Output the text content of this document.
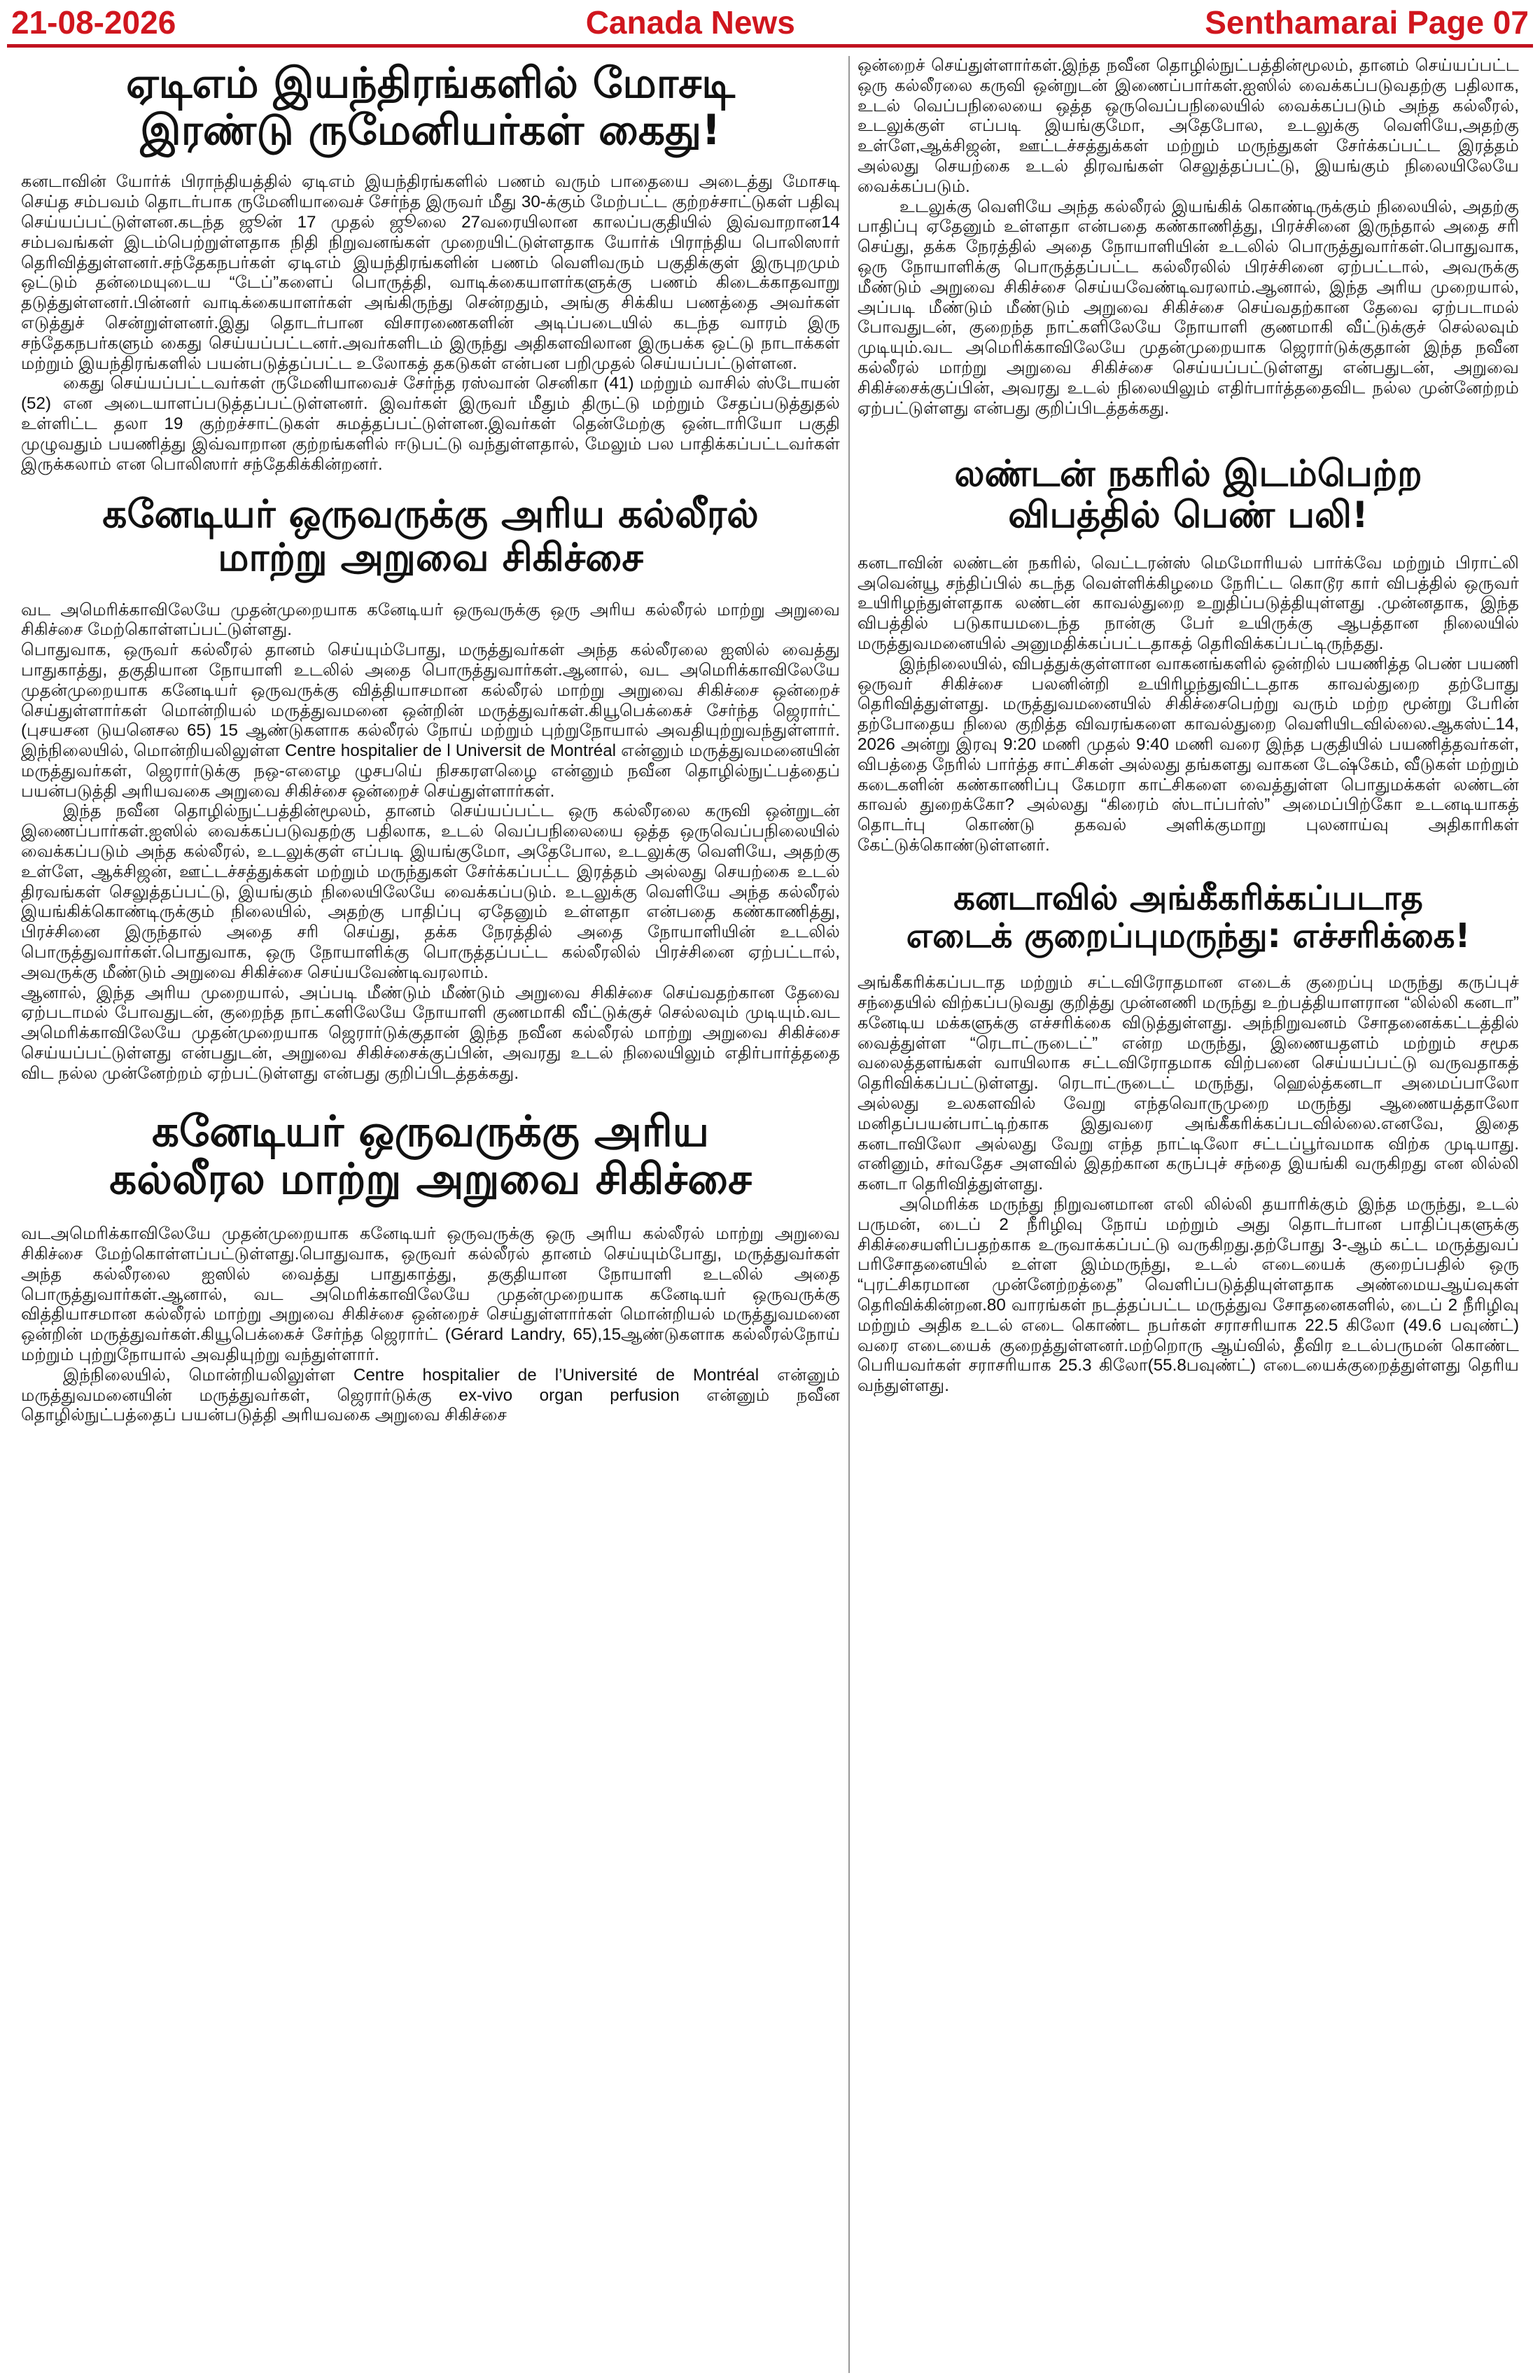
21-08-2026	Canada News	Senthamarai Page 07
ஏடிஎம் இயந்திரங்களில் மோசடி
இரண்டு ருமேனியர்கள் கைது!

கனடாவின் யோர்க் பிராந்தியத்தில் ஏடிஎம் இயந்திரங்களில் பணம் வரும் பாதையை அடைத்து மோசடி செய்த சம்பவம் தொடர்பாக ருமேனியாவைச் சேர்ந்த இருவர் மீது 30-க்கும் மேற்பட்ட குற்றச்சாட்டுகள் பதிவு செய்யப்பட்டுள்ளன.கடந்த ஜூன் 17 முதல் ஜூலை 27வரையிலான காலப்பகுதியில் இவ்வாறான14 சம்பவங்கள் இடம்பெற்றுள்ளதாக நிதி நிறுவனங்கள் முறையிட்டுள்ளதாக யோர்க் பிராந்திய பொலிஸார் தெரிவித்துள்ளனர்.சந்தேகநபர்கள் ஏடிஎம் இயந்திரங்களின் பணம் வெளிவரும் பகுதிக்குள் இருபுறமும் ஒட்டும் தன்மையுடைய “டேப்”களைப் பொருத்தி, வாடிக்கையாளர்களுக்கு பணம் கிடைக்காதவாறு தடுத்துள்ளனர்.பின்னர் வாடிக்கையாளர்கள் அங்கிருந்து சென்றதும், அங்கு சிக்கிய பணத்தை அவர்கள் எடுத்துச் சென்றுள்ளனர்.இது தொடர்பான விசாரணைகளின் அடிப்படையில் கடந்த வாரம் இரு சந்தேகநபர்களும் கைது செய்யப்பட்டனர்.அவர்களிடம் இருந்து அதிகளவிலான இருபக்க ஒட்டு நாடாக்கள் மற்றும் இயந்திரங்களில் பயன்படுத்தப்பட்ட உலோகத் தகடுகள் என்பன பறிமுதல் செய்யப்பட்டுள்ளன.

கைது செய்யப்பட்டவர்கள் ருமேனியாவைச் சேர்ந்த ரஸ்வான் செனிகா (41) மற்றும் வாசில் ஸ்டோயன் (52) என அடையாளப்படுத்தப்பட்டுள்ளனர். இவர்கள் இருவர் மீதும் திருட்டு மற்றும் சேதப்படுத்துதல் உள்ளிட்ட தலா 19 குற்றச்சாட்டுகள் சுமத்தப்பட்டுள்ளன.இவர்கள் தென்மேற்கு ஒன்டாரியோ பகுதி முழுவதும் பயணித்து இவ்வாறான குற்றங்களில் ஈடுபட்டு வந்துள்ளதால், மேலும் பல பாதிக்கப்பட்டவர்கள் இருக்கலாம் என பொலிஸார் சந்தேகிக்கின்றனர்.

கனேடியர் ஒருவருக்கு அரிய கல்லீரல்
மாற்று அறுவை சிகிச்சை

வட அமெரிக்காவிலேயே முதன்முறையாக கனேடியர் ஒருவருக்கு ஒரு அரிய கல்லீரல் மாற்று அறுவை சிகிச்சை மேற்கொள்ளப்பட்டுள்ளது.

பொதுவாக, ஒருவர் கல்லீரல் தானம் செய்யும்போது, மருத்துவர்கள் அந்த கல்லீரலை ஐஸில் வைத்து பாதுகாத்து, தகுதியான நோயாளி உடலில் அதை பொருத்துவார்கள்.ஆனால், வட அமெரிக்காவிலேயே முதன்முறையாக கனேடியர் ஒருவருக்கு வித்தியாசமான கல்லீரல் மாற்று அறுவை சிகிச்சை ஒன்றைச் செய்துள்ளார்கள் மொன்றியல் மருத்துவமனை ஒன்றின் மருத்துவர்கள்.கியூபெக்கைச் சேர்ந்த ஜெரார்ட் (புசயசன டுயனெசல 65) 15 ஆண்டுகளாக கல்லீரல் நோய் மற்றும் புற்றுநோயால் அவதியுற்றுவந்துள்ளார். இந்நிலையில், மொன்றியலிலுள்ள Centre hospitalier de l Universit de Montréal என்னும் மருத்துவமனையின் மருத்துவர்கள், ஜெரார்டுக்கு நஒ-எஎைழ ழுசபயெ் நிசகரளழைெ என்னும் நவீன தொழில்நுட்பத்தைப் பயன்படுத்தி அரியவகை அறுவை சிகிச்சை ஒன்றைச் செய்துள்ளார்கள்.

இந்த நவீன தொழில்நுட்பத்தின்மூலம், தானம் செய்யப்பட்ட ஒரு கல்லீரலை கருவி ஒன்றுடன் இணைப்பார்கள்.ஐஸில் வைக்கப்படுவதற்கு பதிலாக, உடல் வெப்பநிலையை ஒத்த ஒருவெப்பநிலையில் வைக்கப்படும் அந்த கல்லீரல், உடலுக்குள் எப்படி இயங்குமோ, அதேபோல, உடலுக்கு வெளியே, அதற்கு உள்ளே, ஆக்சிஜன், ஊட்டச்சத்துக்கள் மற்றும் மருந்துகள் சேர்க்கப்பட்ட இரத்தம் அல்லது செயற்கை உடல் திரவங்கள் செலுத்தப்பட்டு, இயங்கும் நிலையிலேயே வைக்கப்படும். உடலுக்கு வெளியே அந்த கல்லீரல் இயங்கிக்கொண்டிருக்கும் நிலையில், அதற்கு பாதிப்பு ஏதேனும் உள்ளதா என்பதை கண்காணித்து, பிரச்சினை இருந்தால் அதை சரி செய்து, தக்க நேரத்தில் அதை நோயாளியின் உடலில் பொருத்துவார்கள்.பொதுவாக, ஒரு நோயாளிக்கு பொருத்தப்பட்ட கல்லீரலில் பிரச்சினை ஏற்பட்டால், அவருக்கு மீண்டும் அறுவை சிகிச்சை செய்யவேண்டிவரலாம்.

ஆனால், இந்த அரிய முறையால், அப்படி மீண்டும் மீண்டும் அறுவை சிகிச்சை செய்வதற்கான தேவை ஏற்படாமல் போவதுடன், குறைந்த நாட்களிலேயே நோயாளி குணமாகி வீட்டுக்குச் செல்லவும் முடியும்.வட அமெரிக்காவிலேயே முதன்முறையாக ஜெரார்டுக்குதான் இந்த நவீன கல்லீரல் மாற்று அறுவை சிகிச்சை செய்யப்பட்டுள்ளது என்பதுடன், அறுவை சிகிச்சைக்குப்பின், அவரது உடல் நிலையிலும் எதிர்பார்த்ததை விட நல்ல முன்னேற்றம் ஏற்பட்டுள்ளது என்பது குறிப்பிடத்தக்கது.

கனேடியர் ஒருவருக்கு அரிய
கல்லீரல மாற்று அறுவை சிகிச்சை

வடஅமெரிக்காவிலேயே முதன்முறையாக கனேடியர் ஒருவருக்கு ஒரு அரிய கல்லீரல் மாற்று அறுவை சிகிச்சை மேற்கொள்ளப்பட்டுள்ளது.பொதுவாக, ஒருவர் கல்லீரல் தானம் செய்யும்போது, மருத்துவர்கள் அந்த கல்லீரலை ஐஸில் வைத்து பாதுகாத்து, தகுதியான நோயாளி உடலில் அதை பொருத்துவார்கள்.ஆனால், வட அமெரிக்காவிலேயே முதன்முறையாக கனேடியர் ஒருவருக்கு வித்தியாசமான கல்லீரல் மாற்று அறுவை சிகிச்சை ஒன்றைச் செய்துள்ளார்கள் மொன்றியல் மருத்துவமனை ஒன்றின் மருத்துவர்கள்.கியூபெக்கைச் சேர்ந்த ஜெரார்ட் (Gérard Landry, 65),15ஆண்டுகளாக கல்லீரல்நோய் மற்றும் புற்றுநோயால் அவதியுற்று வந்துள்ளார்.

இந்நிலையில், மொன்றியலிலுள்ள Centre hospitalier de l’Université de Montréal என்னும் மருத்துவமனையின் மருத்துவர்கள், ஜெரார்டுக்கு ex-vivo organ perfusion என்னும் நவீன தொழில்நுட்பத்தைப் பயன்படுத்தி அரியவகை அறுவை சிகிச்சை

ஒன்றைச் செய்துள்ளார்கள்.இந்த நவீன தொழில்நுட்பத்தின்மூலம், தானம் செய்யப்பட்ட ஒரு கல்லீரலை கருவி ஒன்றுடன் இணைப்பார்கள்.ஐஸில் வைக்கப்படுவதற்கு பதிலாக, உடல் வெப்பநிலையை ஒத்த ஒருவெப்பநிலையில் வைக்கப்படும் அந்த கல்லீரல், உடலுக்குள் எப்படி இயங்குமோ, அதேபோல, உடலுக்கு வெளியே,அதற்கு உள்ளே,ஆக்சிஜன், ஊட்டச்சத்துக்கள் மற்றும் மருந்துகள் சேர்க்கப்பட்ட இரத்தம் அல்லது செயற்கை உடல் திரவங்கள் செலுத்தப்பட்டு, இயங்கும் நிலையிலேயே வைக்கப்படும்.

உடலுக்கு வெளியே அந்த கல்லீரல் இயங்கிக் கொண்டிருக்கும் நிலையில், அதற்கு பாதிப்பு ஏதேனும் உள்ளதா என்பதை கண்காணித்து, பிரச்சினை இருந்தால் அதை சரி செய்து, தக்க நேரத்தில் அதை நோயாளியின் உடலில் பொருத்துவார்கள்.பொதுவாக, ஒரு நோயாளிக்கு பொருத்தப்பட்ட கல்லீரலில் பிரச்சினை ஏற்பட்டால், அவருக்கு மீண்டும் அறுவை சிகிச்சை செய்யவேண்டிவரலாம்.ஆனால், இந்த அரிய முறையால், அப்படி மீண்டும் மீண்டும் அறுவை சிகிச்சை செய்வதற்கான தேவை ஏற்படாமல் போவதுடன், குறைந்த நாட்களிலேயே நோயாளி குணமாகி வீட்டுக்குச் செல்லவும் முடியும்.வட அமெரிக்காவிலேயே முதன்முறையாக ஜெரார்டுக்குதான் இந்த நவீன கல்லீரல் மாற்று அறுவை சிகிச்சை செய்யப்பட்டுள்ளது என்பதுடன், அறுவை சிகிச்சைக்குப்பின், அவரது உடல் நிலையிலும் எதிர்பார்த்ததைவிட நல்ல முன்னேற்றம் ஏற்பட்டுள்ளது என்பது குறிப்பிடத்தக்கது.

லண்டன் நகரில் இடம்பெற்ற
விபத்தில் பெண் பலி!

கனடாவின் லண்டன் நகரில், வெட்டரன்ஸ் மெமோரியல் பார்க்வே மற்றும் பிராட்லி அவென்யூ சந்திப்பில் கடந்த வெள்ளிக்கிழமை நேரிட்ட கொடூர கார் விபத்தில் ஒருவர் உயிரிழந்துள்ளதாக லண்டன் காவல்துறை உறுதிப்படுத்தியுள்ளது .முன்னதாக, இந்த விபத்தில் படுகாயமடைந்த நான்கு பேர் உயிருக்கு ஆபத்தான நிலையில் மருத்துவமனையில் அனுமதிக்கப்பட்டதாகத் தெரிவிக்கப்பட்டிருந்தது.

இந்நிலையில், விபத்துக்குள்ளான வாகனங்களில் ஒன்றில் பயணித்த பெண் பயணி ஒருவர் சிகிச்சை பலனின்றி உயிரிழந்துவிட்டதாக காவல்துறை தற்போது தெரிவித்துள்ளது. மருத்துவமனையில் சிகிச்சைபெற்று வரும் மற்ற மூன்று பேரின் தற்போதைய நிலை குறித்த விவரங்களை காவல்துறை வெளியிடவில்லை.ஆகஸ்ட்14, 2026 அன்று இரவு 9:20 மணி முதல் 9:40 மணி வரை இந்த பகுதியில் பயணித்தவர்கள், விபத்தை நேரில் பார்த்த சாட்சிகள் அல்லது தங்களது வாகன டேஷ்கேம், வீடுகள் மற்றும் கடைகளின் கண்காணிப்பு கேமரா காட்சிகளை வைத்துள்ள பொதுமக்கள் லண்டன் காவல் துறைக்கோ? அல்லது “கிரைம் ஸ்டாப்பர்ஸ்” அமைப்பிற்கோ உடனடியாகத் தொடர்பு கொண்டு தகவல் அளிக்குமாறு புலனாய்வு அதிகாரிகள் கேட்டுக்கொண்டுள்ளனர்.

கனடாவில் அங்கீகரிக்கப்படாத
எடைக் குறைப்புமருந்து: எச்சரிக்கை!

அங்கீகரிக்கப்படாத மற்றும் சட்டவிரோதமான எடைக் குறைப்பு மருந்து கருப்புச் சந்தையில் விற்கப்படுவது குறித்து முன்னணி மருந்து உற்பத்தியாளரான “லில்லி கனடா” கனேடிய மக்களுக்கு எச்சரிக்கை விடுத்துள்ளது. அந்நிறுவனம் சோதனைக்கட்டத்தில் வைத்துள்ள “ரெடாட்ருடைட்” என்ற மருந்து, இணையதளம் மற்றும் சமூக வலைத்தளங்கள் வாயிலாக சட்டவிரோதமாக விற்பனை செய்யப்பட்டு வருவதாகத் தெரிவிக்கப்பட்டுள்ளது. ரெடாட்ருடைட் மருந்து, ஹெல்த்கனடா அமைப்பாலோ அல்லது உலகளவில் வேறு எந்தவொருமுறை மருந்து ஆணையத்தாலோ மனிதப்பயன்பாட்டிற்காக இதுவரை அங்கீகரிக்கப்படவில்லை.எனவே, இதை கனடாவிலோ அல்லது வேறு எந்த நாட்டிலோ சட்டப்பூர்வமாக விற்க முடியாது. எனினும், சர்வதேச அளவில் இதற்கான கருப்புச் சந்தை இயங்கி வருகிறது என லில்லி கனடா தெரிவித்துள்ளது.

அமெரிக்க மருந்து நிறுவனமான எலி லில்லி தயாரிக்கும் இந்த மருந்து, உடல் பருமன், டைப் 2 நீரிழிவு நோய் மற்றும் அது தொடர்பான பாதிப்புகளுக்கு சிகிச்சையளிப்பதற்காக உருவாக்கப்பட்டு வருகிறது.தற்போது 3-ஆம் கட்ட மருத்துவப் பரிசோதனையில் உள்ள இம்மருந்து, உடல் எடையைக் குறைப்பதில் ஒரு “புரட்சிகரமான முன்னேற்றத்தை” வெளிப்படுத்தியுள்ளதாக அண்மையஆய்வுகள் தெரிவிக்கின்றன.80 வாரங்கள் நடத்தப்பட்ட மருத்துவ சோதனைகளில், டைப் 2 நீரிழிவு மற்றும் அதிக உடல் எடை கொண்ட நபர்கள் சராசரியாக 22.5 கிலோ (49.6 பவுண்ட்) வரை எடையைக் குறைத்துள்ளனர்.மற்றொரு ஆய்வில், தீவிர உடல்பருமன் கொண்ட பெரியவர்கள் சராசரியாக 25.3 கிலோ(55.8பவுண்ட்) எடையைக்குறைத்துள்ளது தெரிய வந்துள்ளது.
